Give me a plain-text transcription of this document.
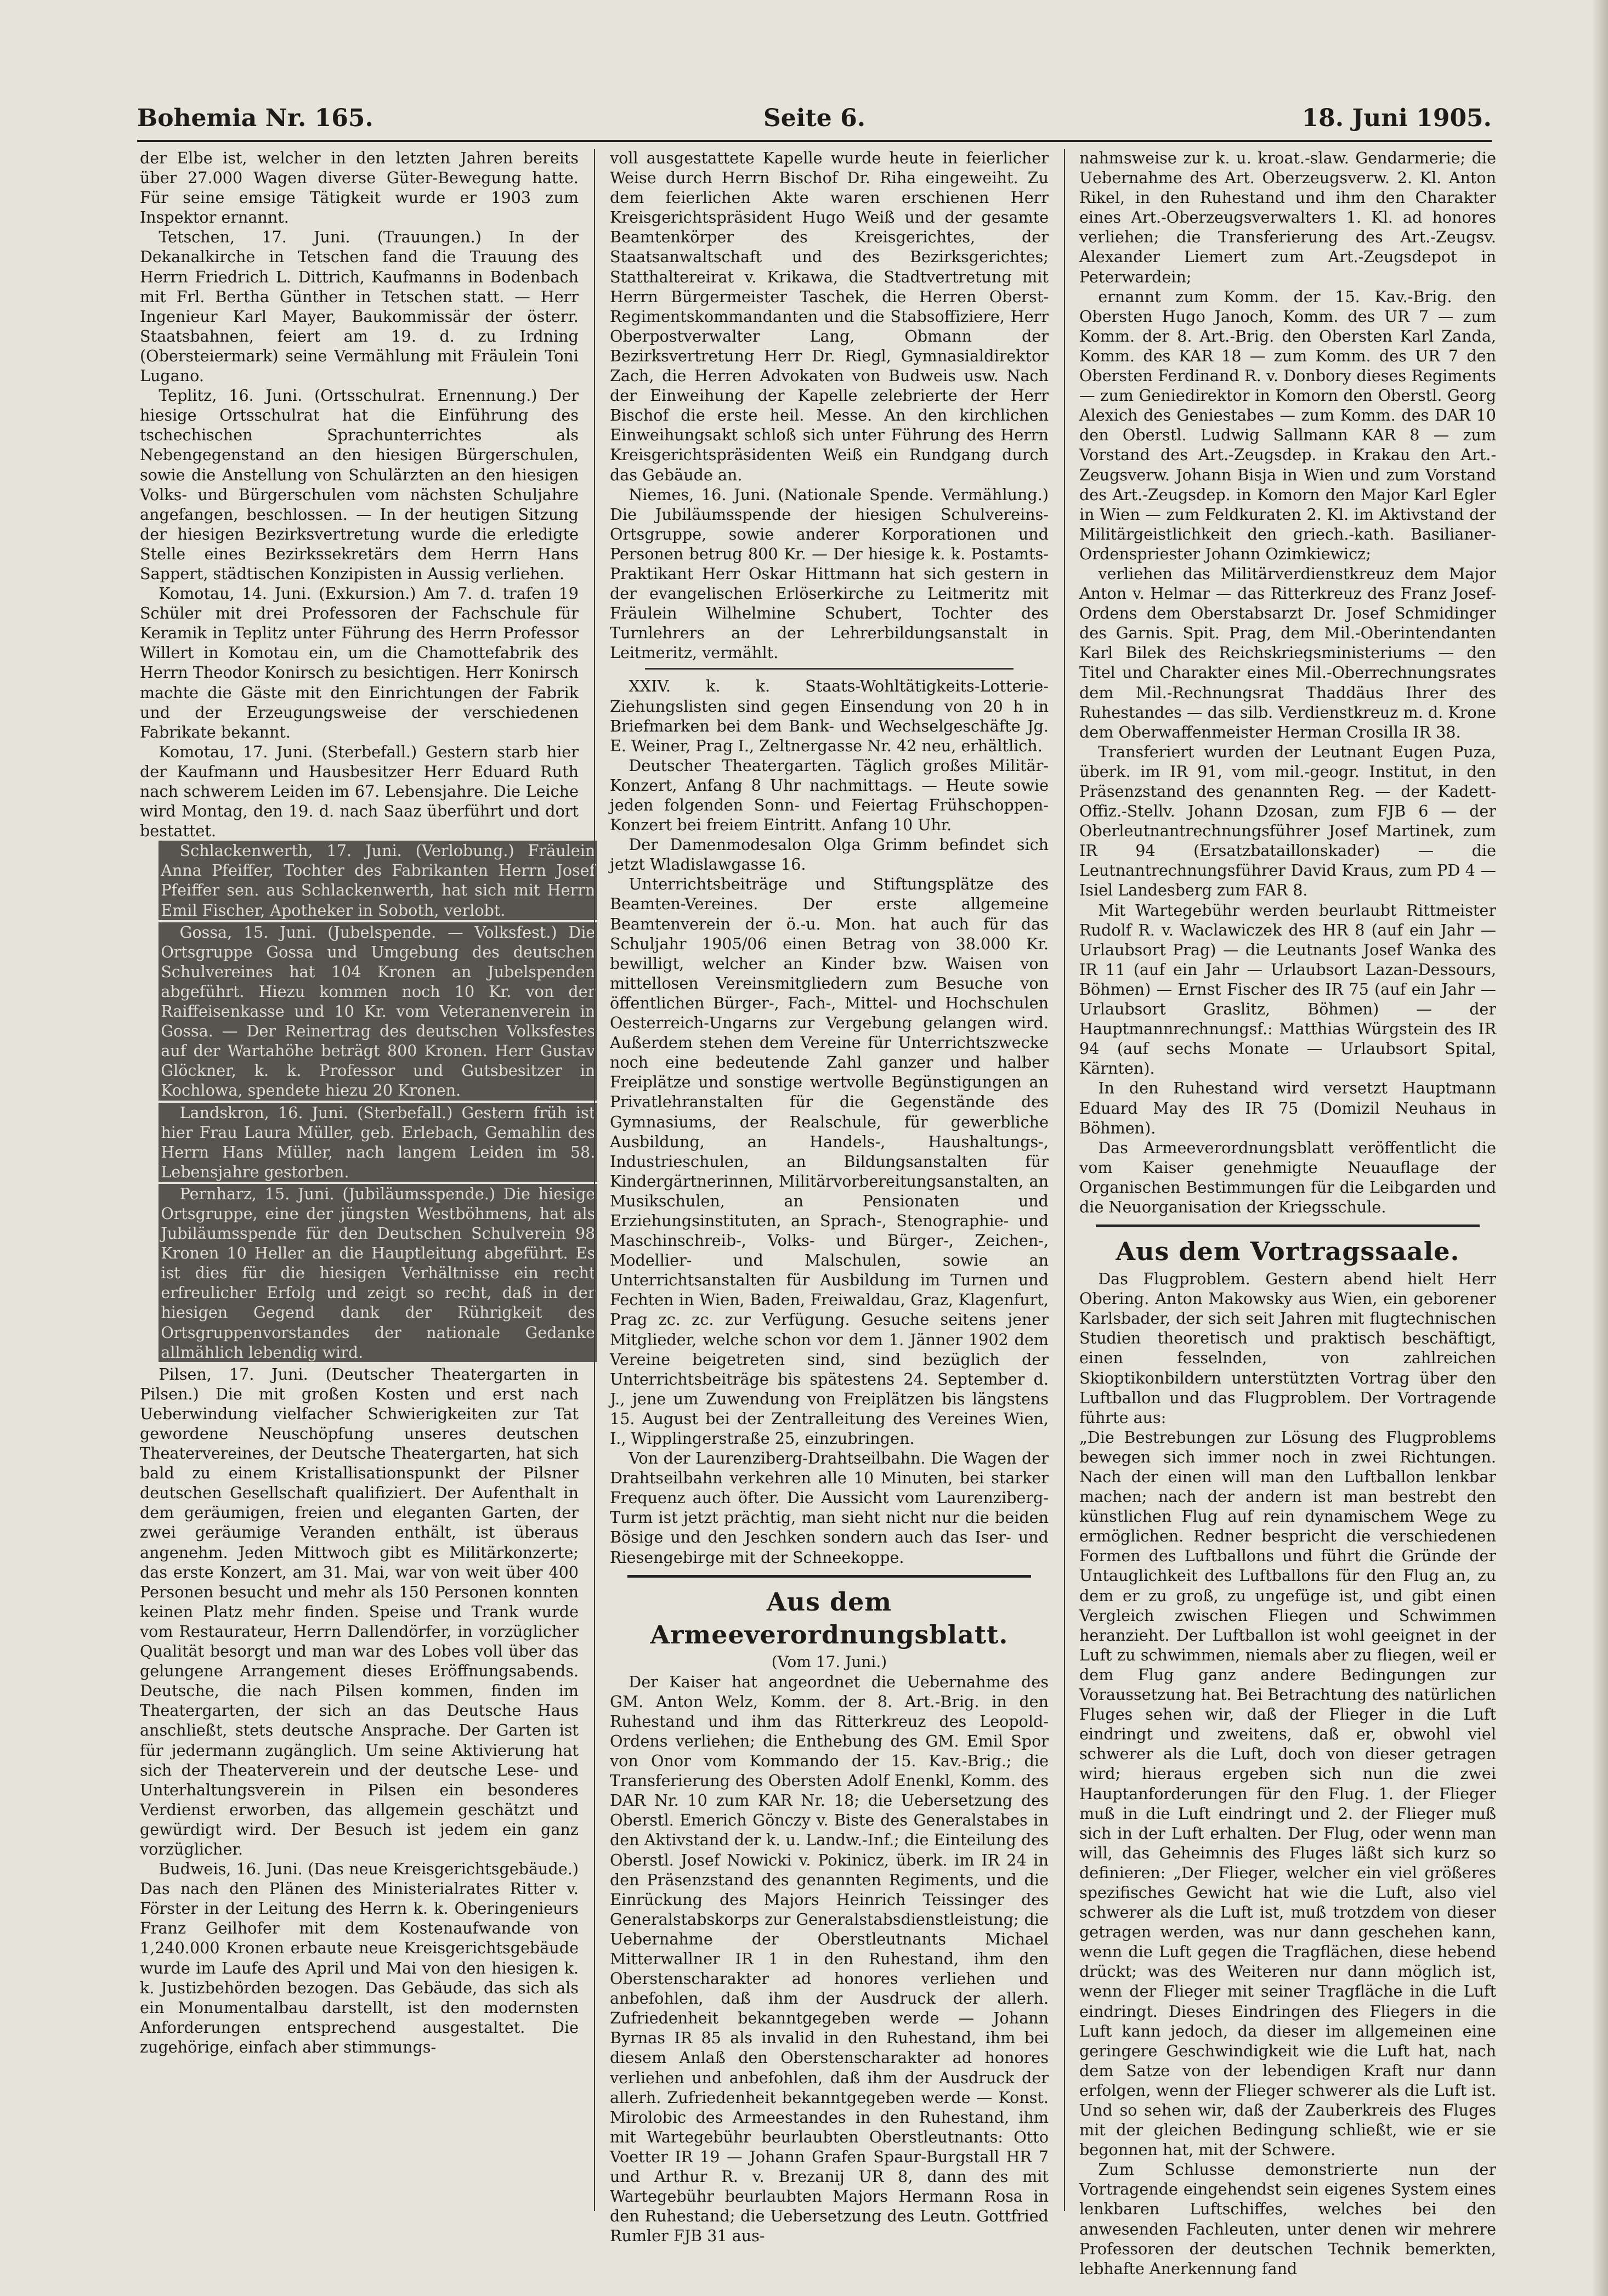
Bohemia Nr. 165.	Seite 6.	18. Juni 1905.

der Elbe ist, welcher in den letzten Jahren bereits über 27.000 Wagen diverse Güter-Bewegung hatte. Für seine emsige Tätigkeit wurde er 1903 zum Inspektor ernannt.

Tetschen, 17. Juni. (Trauungen.) In der Dekanalkirche in Tetschen fand die Trauung des Herrn Friedrich L. Dittrich, Kaufmanns in Bodenbach mit Frl. Bertha Günther in Tetschen statt. — Herr Ingenieur Karl Mayer, Baukommissär der österr. Staatsbahnen, feiert am 19. d. zu Irdning (Obersteiermark) seine Vermählung mit Fräulein Toni Lugano.

Teplitz, 16. Juni. (Ortsschulrat. Ernennung.) Der hiesige Ortsschulrat hat die Einführung des tschechischen Sprachunterrichtes als Nebengegenstand an den hiesigen Bürgerschulen, sowie die Anstellung von Schulärzten an den hiesigen Volks- und Bürgerschulen vom nächsten Schuljahre angefangen, beschlossen. — In der heutigen Sitzung der hiesigen Bezirksvertretung wurde die erledigte Stelle eines Bezirkssekretärs dem Herrn Hans Sappert, städtischen Konzipisten in Aussig verliehen.

Komotau, 14. Juni. (Exkursion.) Am 7. d. trafen 19 Schüler mit drei Professoren der Fachschule für Keramik in Teplitz unter Führung des Herrn Professor Willert in Komotau ein, um die Chamottefabrik des Herrn Theodor Konirsch zu besichtigen. Herr Konirsch machte die Gäste mit den Einrichtungen der Fabrik und der Erzeugungsweise der verschiedenen Fabrikate bekannt.

Komotau, 17. Juni. (Sterbefall.) Gestern starb hier der Kaufmann und Hausbesitzer Herr Eduard Ruth nach schwerem Leiden im 67. Lebensjahre. Die Leiche wird Montag, den 19. d. nach Saaz überführt und dort bestattet.

Schlackenwerth, 17. Juni. (Verlobung.) Fräulein Anna Pfeiffer, Tochter des Fabrikanten Herrn Josef Pfeiffer sen. aus Schlackenwerth, hat sich mit Herrn Emil Fischer, Apotheker in Soboth, verlobt.

Gossa, 15. Juni. (Jubelspende. — Volksfest.) Die Ortsgruppe Gossa und Umgebung des deutschen Schulvereines hat 104 Kronen an Jubelspenden abgeführt. Hiezu kommen noch 10 Kr. von der Raiffeisenkasse und 10 Kr. vom Veteranenverein in Gossa. — Der Reinertrag des deutschen Volksfestes auf der Wartahöhe beträgt 800 Kronen. Herr Gustav Glöckner, k. k. Professor und Gutsbesitzer in Kochlowa, spendete hiezu 20 Kronen.

Landskron, 16. Juni. (Sterbefall.) Gestern früh ist hier Frau Laura Müller, geb. Erlebach, Gemahlin des Herrn Hans Müller, nach langem Leiden im 58. Lebensjahre gestorben.

Pernharz, 15. Juni. (Jubiläumsspende.) Die hiesige Ortsgruppe, eine der jüngsten Westböhmens, hat als Jubiläumsspende für den Deutschen Schulverein 98 Kronen 10 Heller an die Hauptleitung abgeführt. Es ist dies für die hiesigen Verhältnisse ein recht erfreulicher Erfolg und zeigt so recht, daß in der hiesigen Gegend dank der Rührigkeit des Ortsgruppenvorstandes der nationale Gedanke allmählich lebendig wird.

Pilsen, 17. Juni. (Deutscher Theatergarten in Pilsen.) Die mit großen Kosten und erst nach Ueberwindung vielfacher Schwierigkeiten zur Tat gewordene Neuschöpfung unseres deutschen Theatervereines, der Deutsche Theatergarten, hat sich bald zu einem Kristallisationspunkt der Pilsner deutschen Gesellschaft qualifiziert. Der Aufenthalt in dem geräumigen, freien und eleganten Garten, der zwei geräumige Veranden enthält, ist überaus angenehm. Jeden Mittwoch gibt es Militärkonzerte; das erste Konzert, am 31. Mai, war von weit über 400 Personen besucht und mehr als 150 Personen konnten keinen Platz mehr finden. Speise und Trank wurde vom Restaurateur, Herrn Dallendörfer, in vorzüglicher Qualität besorgt und man war des Lobes voll über das gelungene Arrangement dieses Eröffnungsabends. Deutsche, die nach Pilsen kommen, finden im Theatergarten, der sich an das Deutsche Haus anschließt, stets deutsche Ansprache. Der Garten ist für jedermann zugänglich. Um seine Aktivierung hat sich der Theaterverein und der deutsche Lese- und Unterhaltungsverein in Pilsen ein besonderes Verdienst erworben, das allgemein geschätzt und gewürdigt wird. Der Besuch ist jedem ein ganz vorzüglicher.

Budweis, 16. Juni. (Das neue Kreisgerichtsgebäude.) Das nach den Plänen des Ministerialrates Ritter v. Förster in der Leitung des Herrn k. k. Oberingenieurs Franz Geilhofer mit dem Kostenaufwande von 1,240.000 Kronen erbaute neue Kreisgerichtsgebäude wurde im Laufe des April und Mai von den hiesigen k. k. Justizbehörden bezogen. Das Gebäude, das sich als ein Monumentalbau darstellt, ist den modernsten Anforderungen entsprechend ausgestaltet. Die zugehörige, einfach aber stimmungs-

voll ausgestattete Kapelle wurde heute in feierlicher Weise durch Herrn Bischof Dr. Riha eingeweiht. Zu dem feierlichen Akte waren erschienen Herr Kreisgerichtspräsident Hugo Weiß und der gesamte Beamtenkörper des Kreisgerichtes, der Staatsanwaltschaft und des Bezirksgerichtes; Statthaltereirat v. Krikawa, die Stadtvertretung mit Herrn Bürgermeister Taschek, die Herren Oberst-Regimentskommandanten und die Stabsoffiziere, Herr Oberpostverwalter Lang, Obmann der Bezirksvertretung Herr Dr. Riegl, Gymnasialdirektor Zach, die Herren Advokaten von Budweis usw. Nach der Einweihung der Kapelle zelebrierte der Herr Bischof die erste heil. Messe. An den kirchlichen Einweihungsakt schloß sich unter Führung des Herrn Kreisgerichtspräsidenten Weiß ein Rundgang durch das Gebäude an.

Niemes, 16. Juni. (Nationale Spende. Vermählung.) Die Jubiläumsspende der hiesigen Schulvereins-Ortsgruppe, sowie anderer Korporationen und Personen betrug 800 Kr. — Der hiesige k. k. Postamts-Praktikant Herr Oskar Hittmann hat sich gestern in der evangelischen Erlöserkirche zu Leitmeritz mit Fräulein Wilhelmine Schubert, Tochter des Turnlehrers an der Lehrerbildungsanstalt in Leitmeritz, vermählt.

XXIV. k. k. Staats-Wohltätigkeits-Lotterie-Ziehungslisten sind gegen Einsendung von 20 h in Briefmarken bei dem Bank- und Wechselgeschäfte Jg. E. Weiner, Prag I., Zeltnergasse Nr. 42 neu, erhältlich.

Deutscher Theatergarten. Täglich großes Militär-Konzert, Anfang 8 Uhr nachmittags. — Heute sowie jeden folgenden Sonn- und Feiertag Frühschoppen-Konzert bei freiem Eintritt. Anfang 10 Uhr.

Der Damenmodesalon Olga Grimm befindet sich jetzt Wladislawgasse 16.

Unterrichtsbeiträge und Stiftungsplätze des Beamten-Vereines. Der erste allgemeine Beamtenverein der ö.-u. Mon. hat auch für das Schuljahr 1905/06 einen Betrag von 38.000 Kr. bewilligt, welcher an Kinder bzw. Waisen von mittellosen Vereinsmitgliedern zum Besuche von öffentlichen Bürger-, Fach-, Mittel- und Hochschulen Oesterreich-Ungarns zur Vergebung gelangen wird. Außerdem stehen dem Vereine für Unterrichtszwecke noch eine bedeutende Zahl ganzer und halber Freiplätze und sonstige wertvolle Begünstigungen an Privatlehranstalten für die Gegenstände des Gymnasiums, der Realschule, für gewerbliche Ausbildung, an Handels-, Haushaltungs-, Industrieschulen, an Bildungsanstalten für Kindergärtnerinnen, Militärvorbereitungsanstalten, an Musikschulen, an Pensionaten und Erziehungsinstituten, an Sprach-, Stenographie- und Maschinschreib-, Volks- und Bürger-, Zeichen-, Modellier- und Malschulen, sowie an Unterrichtsanstalten für Ausbildung im Turnen und Fechten in Wien, Baden, Freiwaldau, Graz, Klagenfurt, Prag zc. zc. zur Verfügung. Gesuche seitens jener Mitglieder, welche schon vor dem 1. Jänner 1902 dem Vereine beigetreten sind, sind bezüglich der Unterrichtsbeiträge bis spätestens 24. September d. J., jene um Zuwendung von Freiplätzen bis längstens 15. August bei der Zentralleitung des Vereines Wien, I., Wipplingerstraße 25, einzubringen.

Von der Laurenziberg-Drahtseilbahn. Die Wagen der Drahtseilbahn verkehren alle 10 Minuten, bei starker Frequenz auch öfter. Die Aussicht vom Laurenziberg-Turm ist jetzt prächtig, man sieht nicht nur die beiden Bösige und den Jeschken sondern auch das Iser- und Riesengebirge mit der Schneekoppe.

Aus dem Armeeverordnungsblatt.

(Vom 17. Juni.)

Der Kaiser hat angeordnet die Uebernahme des GM. Anton Welz, Komm. der 8. Art.-Brig. in den Ruhestand und ihm das Ritterkreuz des Leopold-Ordens verliehen; die Enthebung des GM. Emil Spor von Onor vom Kommando der 15. Kav.-Brig.; die Transferierung des Obersten Adolf Enenkl, Komm. des DAR Nr. 10 zum KAR Nr. 18; die Uebersetzung des Oberstl. Emerich Gönczy v. Biste des Generalstabes in den Aktivstand der k. u. Landw.-Inf.; die Einteilung des Oberstl. Josef Nowicki v. Pokinicz, überk. im IR 24 in den Präsenzstand des genannten Regiments, und die Einrückung des Majors Heinrich Teissinger des Generalstabskorps zur Generalstabsdienstleistung; die Uebernahme der Oberstleutnants Michael Mitterwallner IR 1 in den Ruhestand, ihm den Oberstenscharakter ad honores verliehen und anbefohlen, daß ihm der Ausdruck der allerh. Zufriedenheit bekanntgegeben werde — Johann Byrnas IR 85 als invalid in den Ruhestand, ihm bei diesem Anlaß den Oberstenscharakter ad honores verliehen und anbefohlen, daß ihm der Ausdruck der allerh. Zufriedenheit bekanntgegeben werde — Konst. Mirolobic des Armeestandes in den Ruhestand, ihm mit Wartegebühr beurlaubten Oberstleutnants: Otto Voetter IR 19 — Johann Grafen Spaur-Burgstall HR 7 und Arthur R. v. Brezanij UR 8, dann des mit Wartegebühr beurlaubten Majors Hermann Rosa in den Ruhestand; die Uebersetzung des Leutn. Gottfried Rumler FJB 31 aus-

nahmsweise zur k. u. kroat.-slaw. Gendarmerie; die Uebernahme des Art. Oberzeugsverw. 2. Kl. Anton Rikel, in den Ruhestand und ihm den Charakter eines Art.-Oberzeugsverwalters 1. Kl. ad honores verliehen; die Transferierung des Art.-Zeugsv. Alexander Liemert zum Art.-Zeugsdepot in Peterwardein;

ernannt zum Komm. der 15. Kav.-Brig. den Obersten Hugo Janoch, Komm. des UR 7 — zum Komm. der 8. Art.-Brig. den Obersten Karl Zanda, Komm. des KAR 18 — zum Komm. des UR 7 den Obersten Ferdinand R. v. Donbory dieses Regiments — zum Geniedirektor in Komorn den Oberstl. Georg Alexich des Geniestabes — zum Komm. des DAR 10 den Oberstl. Ludwig Sallmann KAR 8 — zum Vorstand des Art.-Zeugsdep. in Krakau den Art.-Zeugsverw. Johann Bisja in Wien und zum Vorstand des Art.-Zeugsdep. in Komorn den Major Karl Egler in Wien — zum Feldkuraten 2. Kl. im Aktivstand der Militärgeistlichkeit den griech.-kath. Basilianer-Ordenspriester Johann Ozimkiewicz;

verliehen das Militärverdienstkreuz dem Major Anton v. Helmar — das Ritterkreuz des Franz Josef-Ordens dem Oberstabsarzt Dr. Josef Schmidinger des Garnis. Spit. Prag, dem Mil.-Oberintendanten Karl Bilek des Reichskriegsministeriums — den Titel und Charakter eines Mil.-Oberrechnungsrates dem Mil.-Rechnungsrat Thaddäus Ihrer des Ruhestandes — das silb. Verdienstkreuz m. d. Krone dem Oberwaffenmeister Herman Crosilla IR 38.

Transferiert wurden der Leutnant Eugen Puza, überk. im IR 91, vom mil.-geogr. Institut, in den Präsenzstand des genannten Reg. — der Kadett-Offiz.-Stellv. Johann Dzosan, zum FJB 6 — der Oberleutnantrechnungsführer Josef Martinek, zum IR 94 (Ersatzbataillonskader) — die Leutnantrechnungsführer David Kraus, zum PD 4 — Isiel Landesberg zum FAR 8.

Mit Wartegebühr werden beurlaubt Rittmeister Rudolf R. v. Waclawiczek des HR 8 (auf ein Jahr — Urlaubsort Prag) — die Leutnants Josef Wanka des IR 11 (auf ein Jahr — Urlaubsort Lazan-Dessours, Böhmen) — Ernst Fischer des IR 75 (auf ein Jahr — Urlaubsort Graslitz, Böhmen) — der Hauptmannrechnungsf.: Matthias Würgstein des IR 94 (auf sechs Monate — Urlaubsort Spital, Kärnten).

In den Ruhestand wird versetzt Hauptmann Eduard May des IR 75 (Domizil Neuhaus in Böhmen).

Das Armeeverordnungsblatt veröffentlicht die vom Kaiser genehmigte Neuauflage der Organischen Bestimmungen für die Leibgarden und die Neuorganisation der Kriegsschule.

Aus dem Vortragssaale.

Das Flugproblem. Gestern abend hielt Herr Obering. Anton Makowsky aus Wien, ein geborener Karlsbader, der sich seit Jahren mit flugtechnischen Studien theoretisch und praktisch beschäftigt, einen fesselnden, von zahlreichen Skioptikonbildern unterstützten Vortrag über den Luftballon und das Flugproblem. Der Vortragende führte aus:

„Die Bestrebungen zur Lösung des Flugproblems bewegen sich immer noch in zwei Richtungen. Nach der einen will man den Luftballon lenkbar machen; nach der andern ist man bestrebt den künstlichen Flug auf rein dynamischem Wege zu ermöglichen. Redner bespricht die verschiedenen Formen des Luftballons und führt die Gründe der Untauglichkeit des Luftballons für den Flug an, zu dem er zu groß, zu ungefüge ist, und gibt einen Vergleich zwischen Fliegen und Schwimmen heranzieht. Der Luftballon ist wohl geeignet in der Luft zu schwimmen, niemals aber zu fliegen, weil er dem Flug ganz andere Bedingungen zur Voraussetzung hat. Bei Betrachtung des natürlichen Fluges sehen wir, daß der Flieger in die Luft eindringt und zweitens, daß er, obwohl viel schwerer als die Luft, doch von dieser getragen wird; hieraus ergeben sich nun die zwei Hauptanforderungen für den Flug. 1. der Flieger muß in die Luft eindringt und 2. der Flieger muß sich in der Luft erhalten. Der Flug, oder wenn man will, das Geheimnis des Fluges läßt sich kurz so definieren: „Der Flieger, welcher ein viel größeres spezifisches Gewicht hat wie die Luft, also viel schwerer als die Luft ist, muß trotzdem von dieser getragen werden, was nur dann geschehen kann, wenn die Luft gegen die Tragflächen, diese hebend drückt; was des Weiteren nur dann möglich ist, wenn der Flieger mit seiner Tragfläche in die Luft eindringt. Dieses Eindringen des Fliegers in die Luft kann jedoch, da dieser im allgemeinen eine geringere Geschwindigkeit wie die Luft hat, nach dem Satze von der lebendigen Kraft nur dann erfolgen, wenn der Flieger schwerer als die Luft ist. Und so sehen wir, daß der Zauberkreis des Fluges mit der gleichen Bedingung schließt, wie er sie begonnen hat, mit der Schwere.

Zum Schlusse demonstrierte nun der Vortragende eingehendst sein eigenes System eines lenkbaren Luftschiffes, welches bei den anwesenden Fachleuten, unter denen wir mehrere Professoren der deutschen Technik bemerkten, lebhafte Anerkennung fand
